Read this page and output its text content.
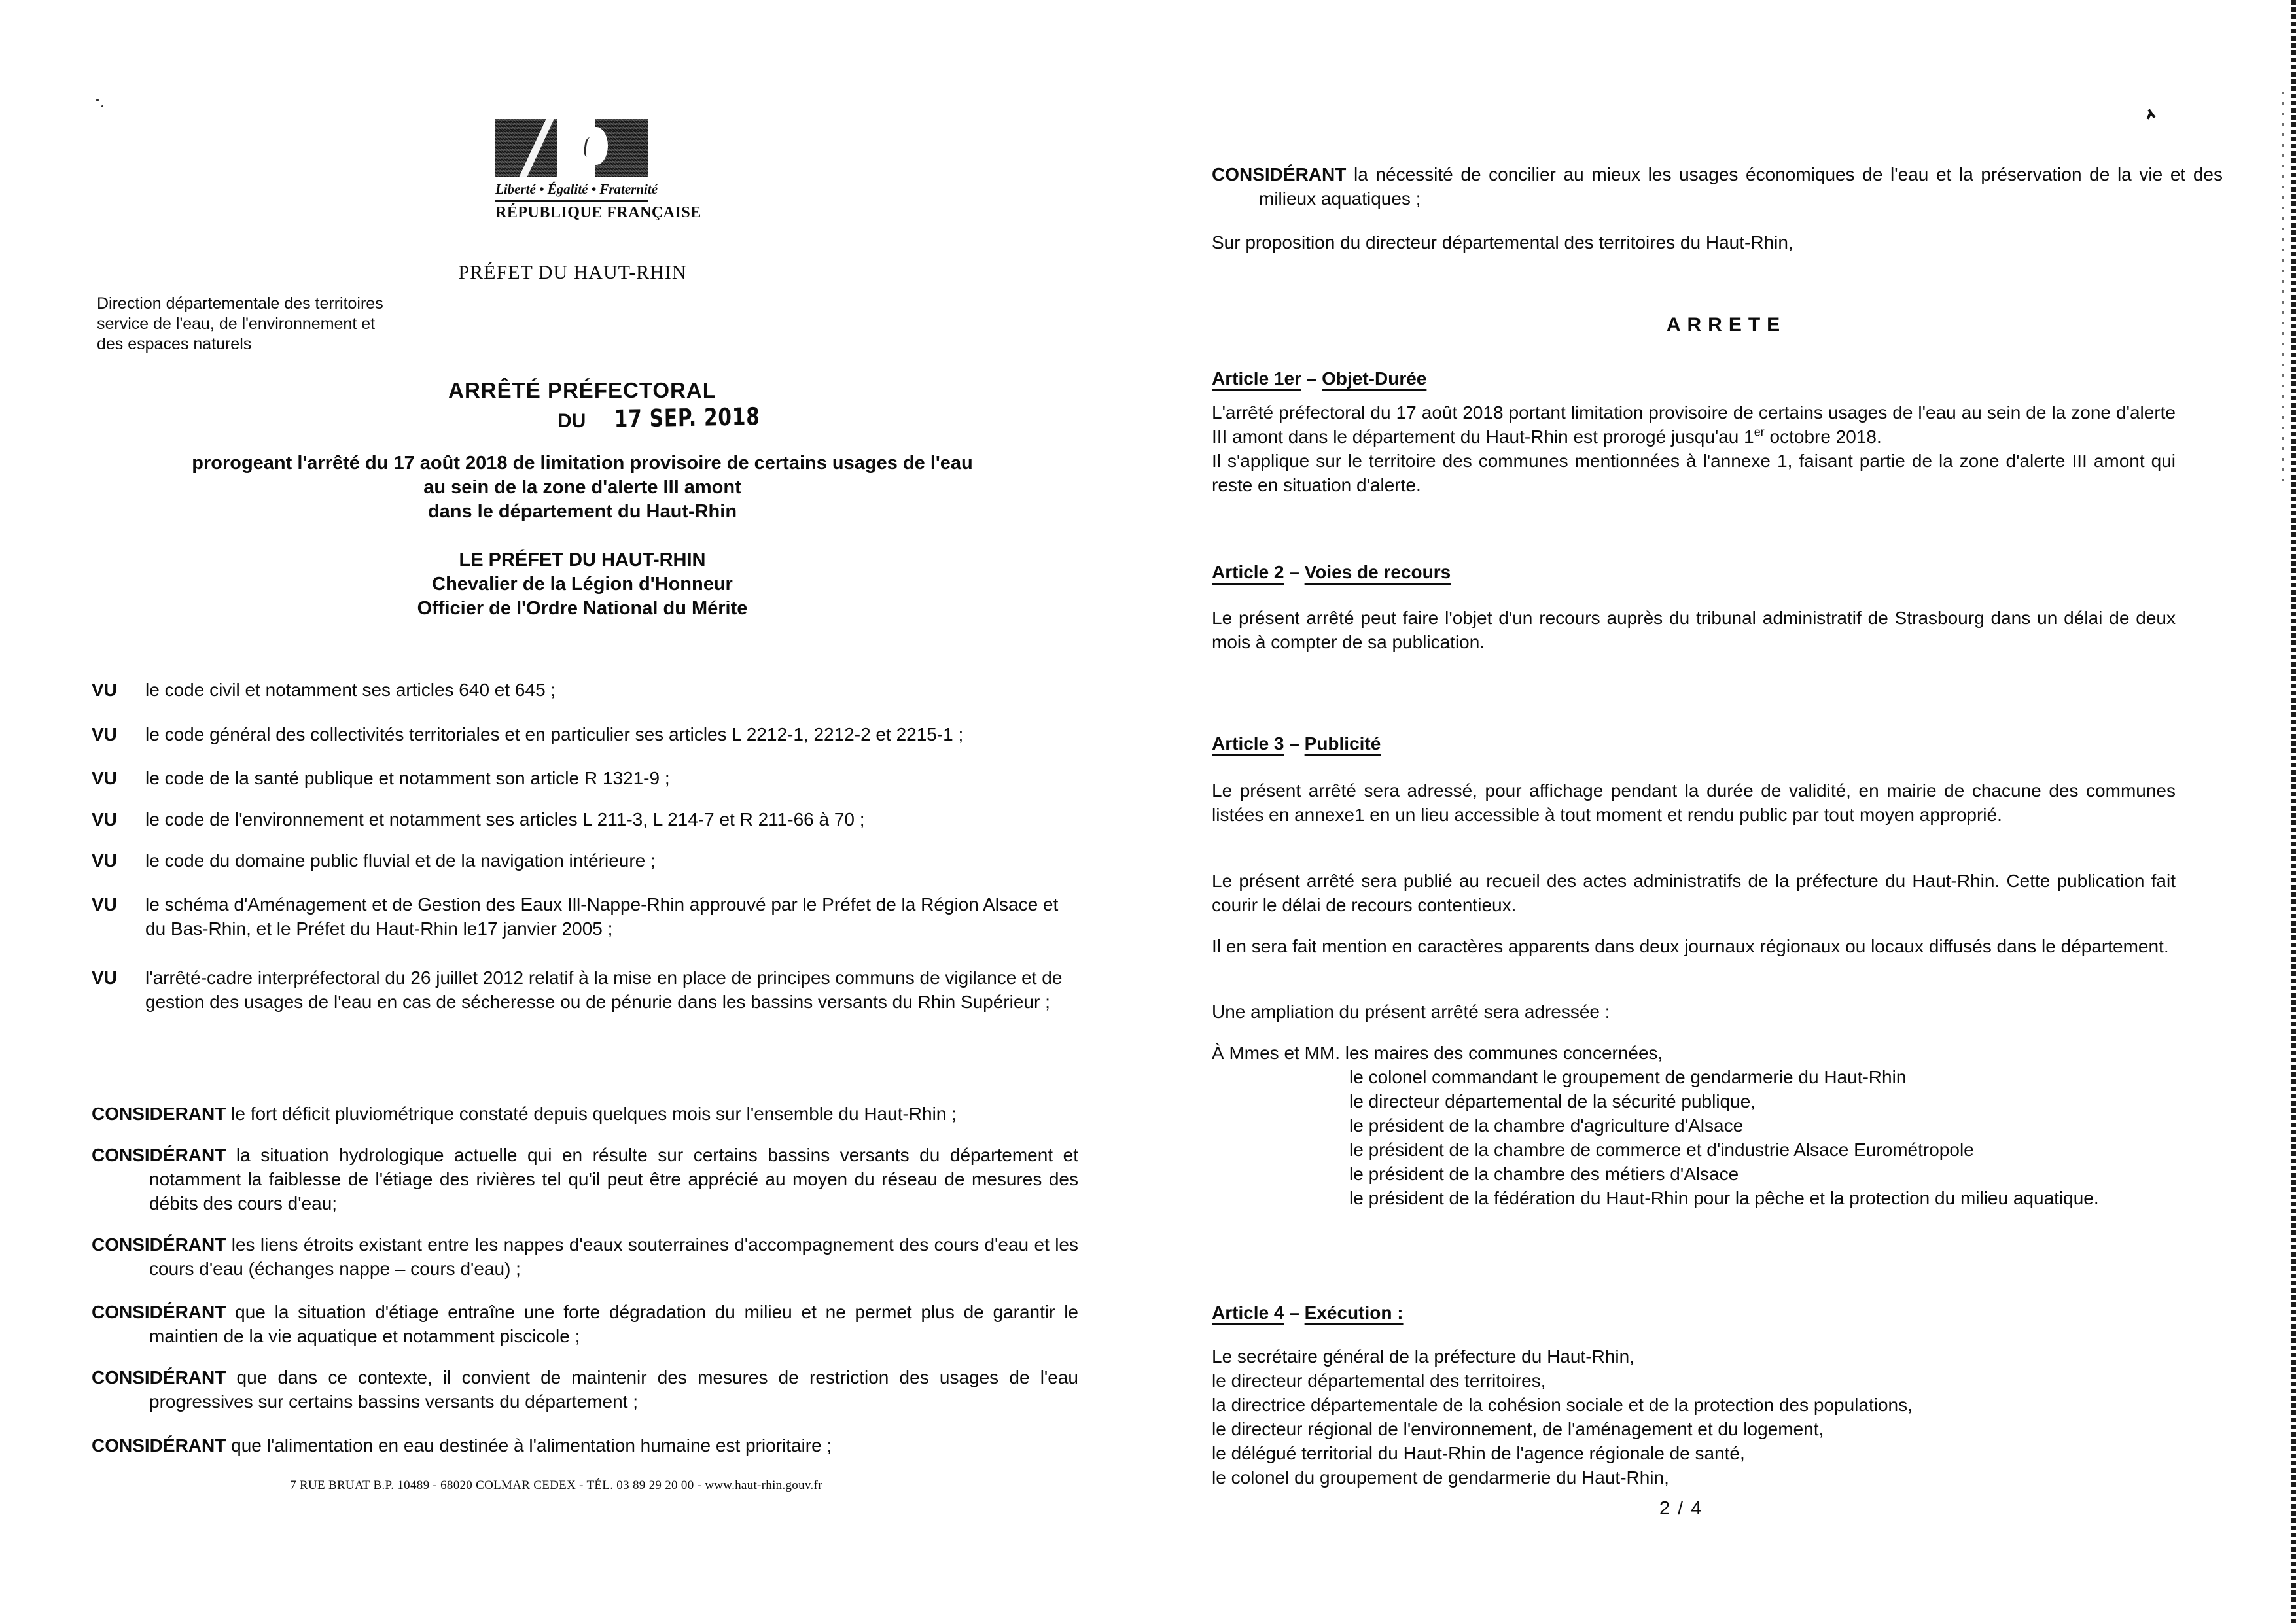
Liberté • Égalité • Fraternité
RÉPUBLIQUE FRANÇAISE
PRÉFET DU HAUT-RHIN
Direction départementale des territoires
service de l'eau, de l'environnement et
des espaces naturels
ARRÊTÉ PRÉFECTORAL
DU 17 SEP. 2018
prorogeant l'arrêté du 17 août 2018 de limitation provisoire de certains usages de l'eau
au sein de la zone d'alerte III amont
dans le département du Haut-Rhin
LE PRÉFET DU HAUT-RHIN
Chevalier de la Légion d'Honneur
Officier de l'Ordre National du Mérite
VU le code civil et notamment ses articles 640 et 645 ;
VU le code général des collectivités territoriales et en particulier ses articles L 2212-1, 2212-2 et 2215-1 ;
VU le code de la santé publique et notamment son article R 1321-9 ;
VU le code de l'environnement et notamment ses articles L 211-3, L 214-7 et R 211-66 à 70 ;
VU le code du domaine public fluvial et de la navigation intérieure ;
VU le schéma d'Aménagement et de Gestion des Eaux Ill-Nappe-Rhin approuvé par le Préfet de la Région Alsace et du Bas-Rhin, et le Préfet du Haut-Rhin le17 janvier 2005 ;
VU l'arrêté-cadre interpréfectoral du 26 juillet 2012 relatif à la mise en place de principes communs de vigilance et de gestion des usages de l'eau en cas de sécheresse ou de pénurie dans les bassins versants du Rhin Supérieur ;
CONSIDERANT le fort déficit pluviométrique constaté depuis quelques mois sur l'ensemble du Haut-Rhin ;
CONSIDÉRANT la situation hydrologique actuelle qui en résulte sur certains bassins versants du département et notamment la faiblesse de l'étiage des rivières tel qu'il peut être apprécié au moyen du réseau de mesures des débits des cours d'eau;
CONSIDÉRANT les liens étroits existant entre les nappes d'eaux souterraines d'accompagnement des cours d'eau et les cours d'eau (échanges nappe – cours d'eau) ;
CONSIDÉRANT que la situation d'étiage entraîne une forte dégradation du milieu et ne permet plus de garantir le maintien de la vie aquatique et notamment piscicole ;
CONSIDÉRANT que dans ce contexte, il convient de maintenir des mesures de restriction des usages de l'eau progressives sur certains bassins versants du département ;
CONSIDÉRANT que l'alimentation en eau destinée à l'alimentation humaine est prioritaire ;
7 RUE BRUAT B.P. 10489 - 68020 COLMAR CEDEX - TÉL. 03 89 29 20 00 - www.haut-rhin.gouv.fr
CONSIDÉRANT la nécessité de concilier au mieux les usages économiques de l'eau et la préservation de la vie et des milieux aquatiques ;
Sur proposition du directeur départemental des territoires du Haut-Rhin,
ARRETE
Article 1er – Objet-Durée
L'arrêté préfectoral du 17 août 2018 portant limitation provisoire de certains usages de l'eau au sein de la zone d'alerte III amont dans le département du Haut-Rhin est prorogé jusqu'au 1er octobre 2018.
Il s'applique sur le territoire des communes mentionnées à l'annexe 1, faisant partie de la zone d'alerte III amont qui reste en situation d'alerte.
Article 2 – Voies de recours
Le présent arrêté peut faire l'objet d'un recours auprès du tribunal administratif de Strasbourg dans un délai de deux mois à compter de sa publication.
Article 3 – Publicité
Le présent arrêté sera adressé, pour affichage pendant la durée de validité, en mairie de chacune des communes listées en annexe1 en un lieu accessible à tout moment et rendu public par tout moyen approprié.
Le présent arrêté sera publié au recueil des actes administratifs de la préfecture du Haut-Rhin. Cette publication fait courir le délai de recours contentieux.
Il en sera fait mention en caractères apparents dans deux journaux régionaux ou locaux diffusés dans le département.
Une ampliation du présent arrêté sera adressée :
À Mmes et MM. les maires des communes concernées,
le colonel commandant le groupement de gendarmerie du Haut-Rhin
le directeur départemental de la sécurité publique,
le président de la chambre d'agriculture d'Alsace
le président de la chambre de commerce et d'industrie Alsace Eurométropole
le président de la chambre des métiers d'Alsace
le président de la fédération du Haut-Rhin pour la pêche et la protection du milieu aquatique.
Article 4 – Exécution :
Le secrétaire général de la préfecture du Haut-Rhin,
le directeur départemental des territoires,
la directrice départementale de la cohésion sociale et de la protection des populations,
le directeur régional de l'environnement, de l'aménagement et du logement,
le délégué territorial du Haut-Rhin de l'agence régionale de santé,
le colonel du groupement de gendarmerie du Haut-Rhin,
2 / 4
